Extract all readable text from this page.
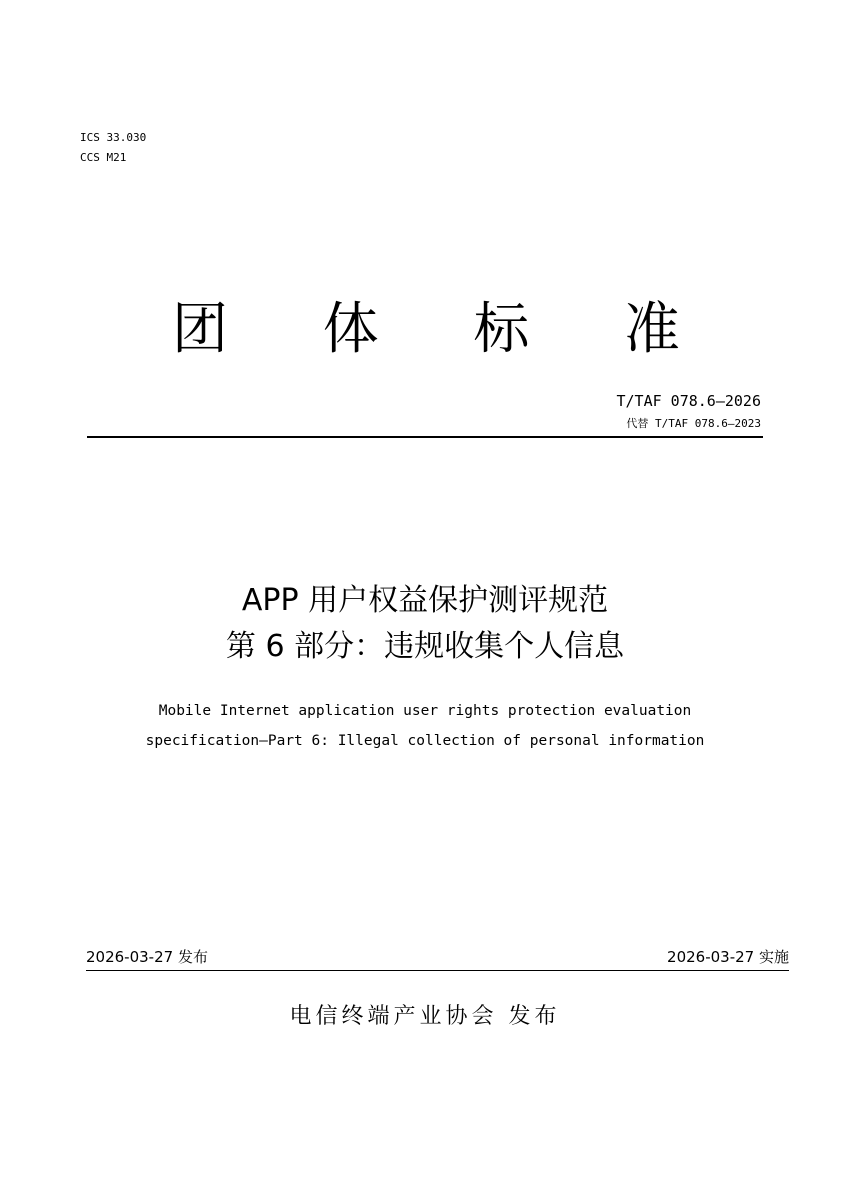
ICS 33.030
CCS M21
团 体 标 准
T/TAF 078.6—2026
代替 T/TAF 078.6—2023
APP 用户权益保护测评规范
第 6 部分：违规收集个人信息
Mobile Internet application user rights protection evaluation
specification—Part 6: Illegal collection of personal information
2026-03-27 发布	2026-03-27 实施
电信终端产业协会 发布
